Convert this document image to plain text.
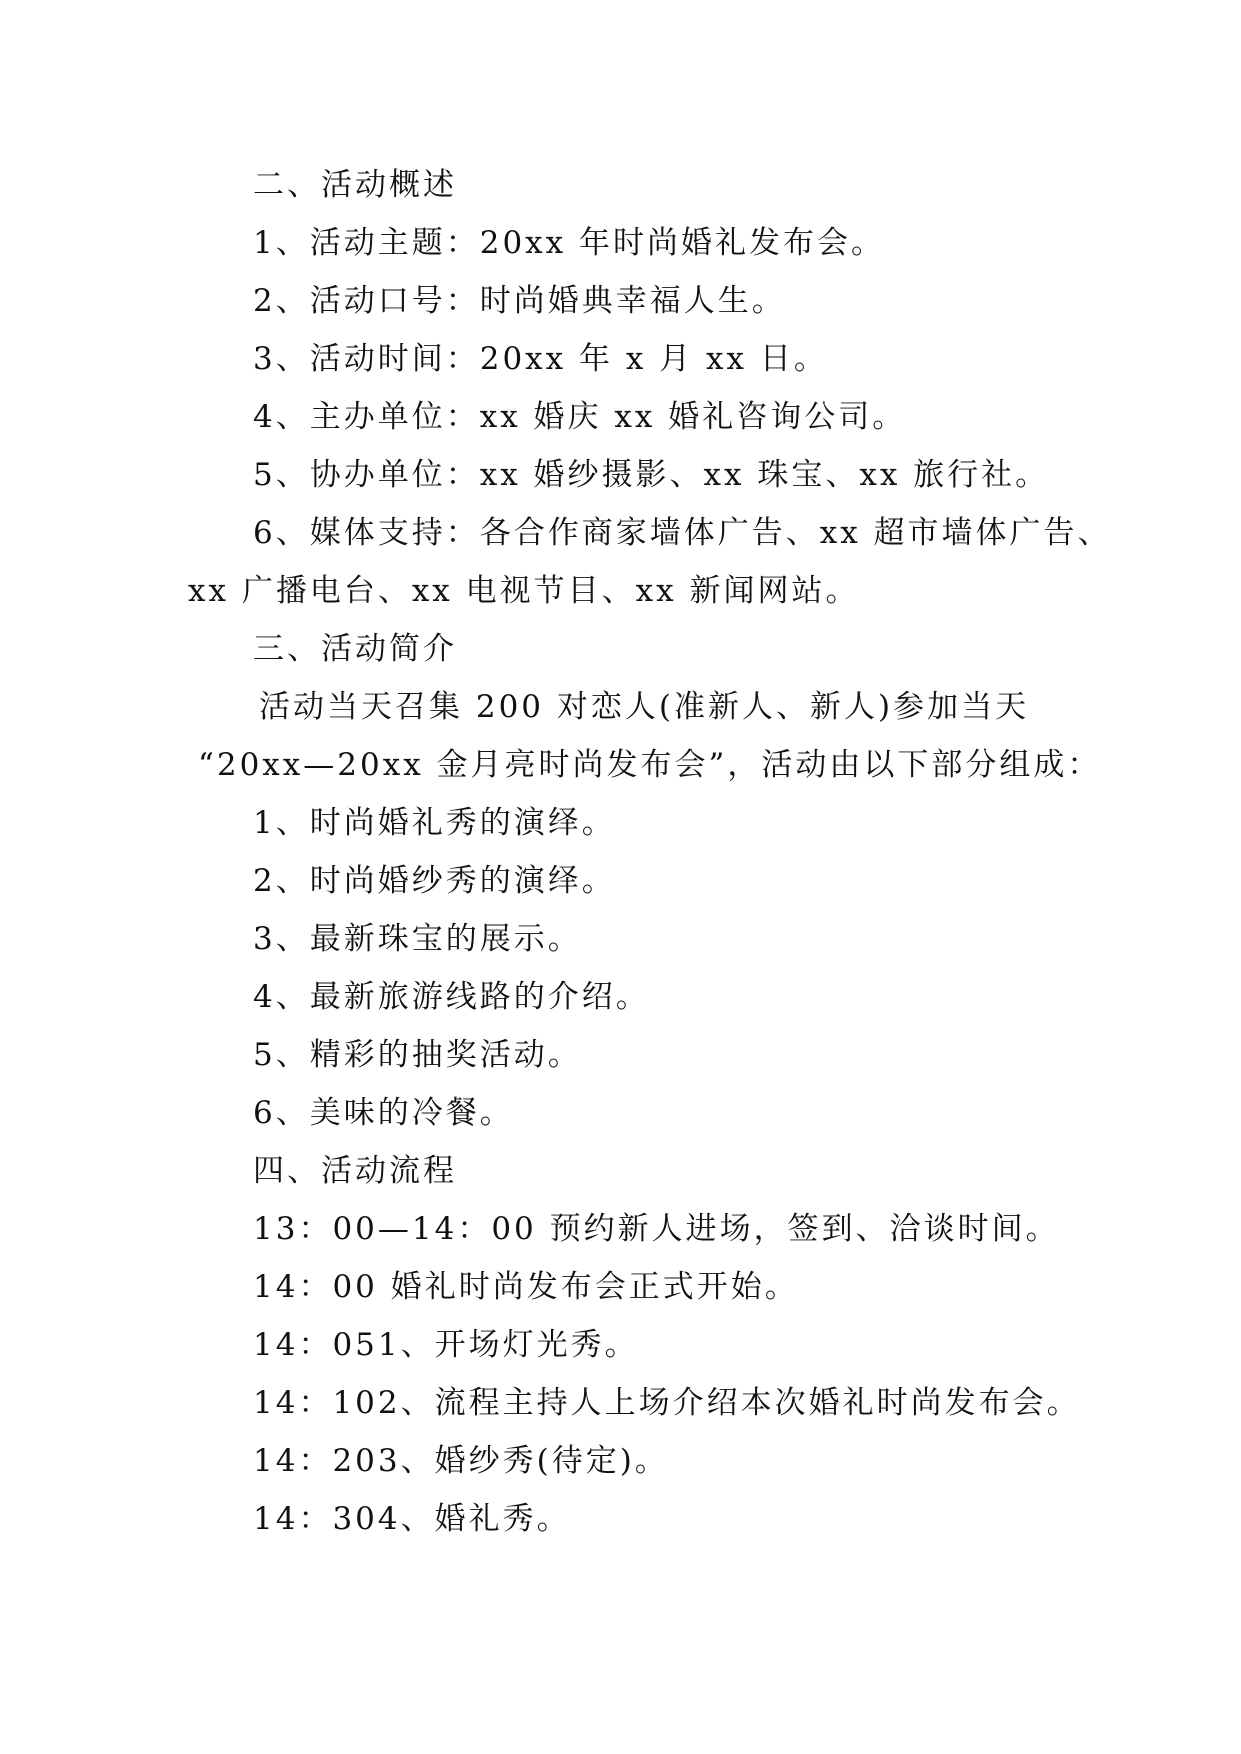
二、活动概述
1、活动主题：20xx 年时尚婚礼发布会。
2、活动口号：时尚婚典幸福人生。
3、活动时间：20xx 年 x 月 xx 日。
4、主办单位：xx 婚庆 xx 婚礼咨询公司。
5、协办单位：xx 婚纱摄影、xx 珠宝、xx 旅行社。
6、媒体支持：各合作商家墙体广告、xx 超市墙体广告、
xx 广播电台、xx 电视节目、xx 新闻网站。
三、活动简介
活动当天召集 200 对恋人(准新人、新人)参加当天
“20xx—20xx 金月亮时尚发布会”，活动由以下部分组成：
1、时尚婚礼秀的演绎。
2、时尚婚纱秀的演绎。
3、最新珠宝的展示。
4、最新旅游线路的介绍。
5、精彩的抽奖活动。
6、美味的冷餐。
四、活动流程
13：00—14：00 预约新人进场，签到、洽谈时间。
14：00 婚礼时尚发布会正式开始。
14：051、开场灯光秀。
14：102、流程主持人上场介绍本次婚礼时尚发布会。
14：203、婚纱秀(待定)。
14：304、婚礼秀。
